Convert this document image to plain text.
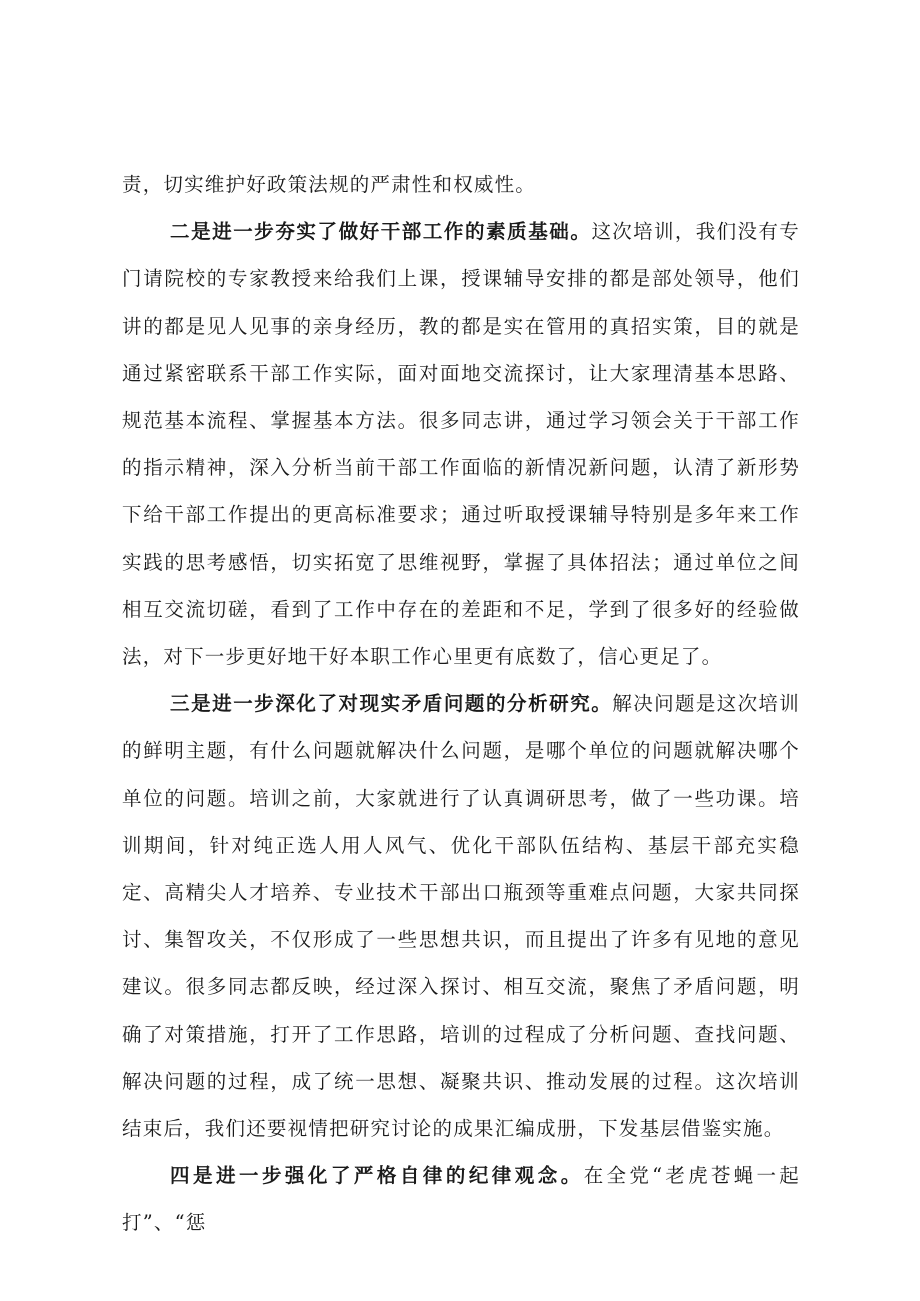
责，切实维护好政策法规的严肃性和权威性。

二是进一步夯实了做好干部工作的素质基础。这次培训，我们没有专门请院校的专家教授来给我们上课，授课辅导安排的都是部处领导，他们讲的都是见人见事的亲身经历，教的都是实在管用的真招实策，目的就是通过紧密联系干部工作实际，面对面地交流探讨，让大家理清基本思路、规范基本流程、掌握基本方法。很多同志讲，通过学习领会关于干部工作的指示精神，深入分析当前干部工作面临的新情况新问题，认清了新形势下给干部工作提出的更高标准要求；通过听取授课辅导特别是多年来工作实践的思考感悟，切实拓宽了思维视野，掌握了具体招法；通过单位之间相互交流切磋，看到了工作中存在的差距和不足，学到了很多好的经验做法，对下一步更好地干好本职工作心里更有底数了，信心更足了。

三是进一步深化了对现实矛盾问题的分析研究。解决问题是这次培训的鲜明主题，有什么问题就解决什么问题，是哪个单位的问题就解决哪个单位的问题。培训之前，大家就进行了认真调研思考，做了一些功课。培训期间，针对纯正选人用人风气、优化干部队伍结构、基层干部充实稳定、高精尖人才培养、专业技术干部出口瓶颈等重难点问题，大家共同探讨、集智攻关，不仅形成了一些思想共识，而且提出了许多有见地的意见建议。很多同志都反映，经过深入探讨、相互交流，聚焦了矛盾问题，明确了对策措施，打开了工作思路，培训的过程成了分析问题、查找问题、解决问题的过程，成了统一思想、凝聚共识、推动发展的过程。这次培训结束后，我们还要视情把研究讨论的成果汇编成册，下发基层借鉴实施。

四是进一步强化了严格自律的纪律观念。在全党“老虎苍蝇一起打”、“惩
